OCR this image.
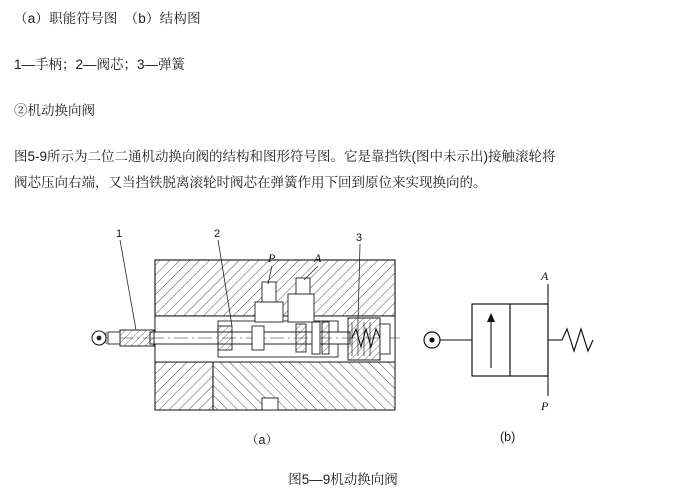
（a）职能符号图　（b）结构图
1—手柄；2—阀芯；3—弹簧
②机动换向阀
图5-9所示为二位二通机动换向阀的结构和图形符号图。它是靠挡铁(图中未示出)接触滚轮将
阀芯压向右端，又当挡铁脱离滚轮时阀芯在弹簧作用下回到原位来实现换向的。
1	2	3
P	A
A
P
（a）	(b)
图5—9机动换向阀
